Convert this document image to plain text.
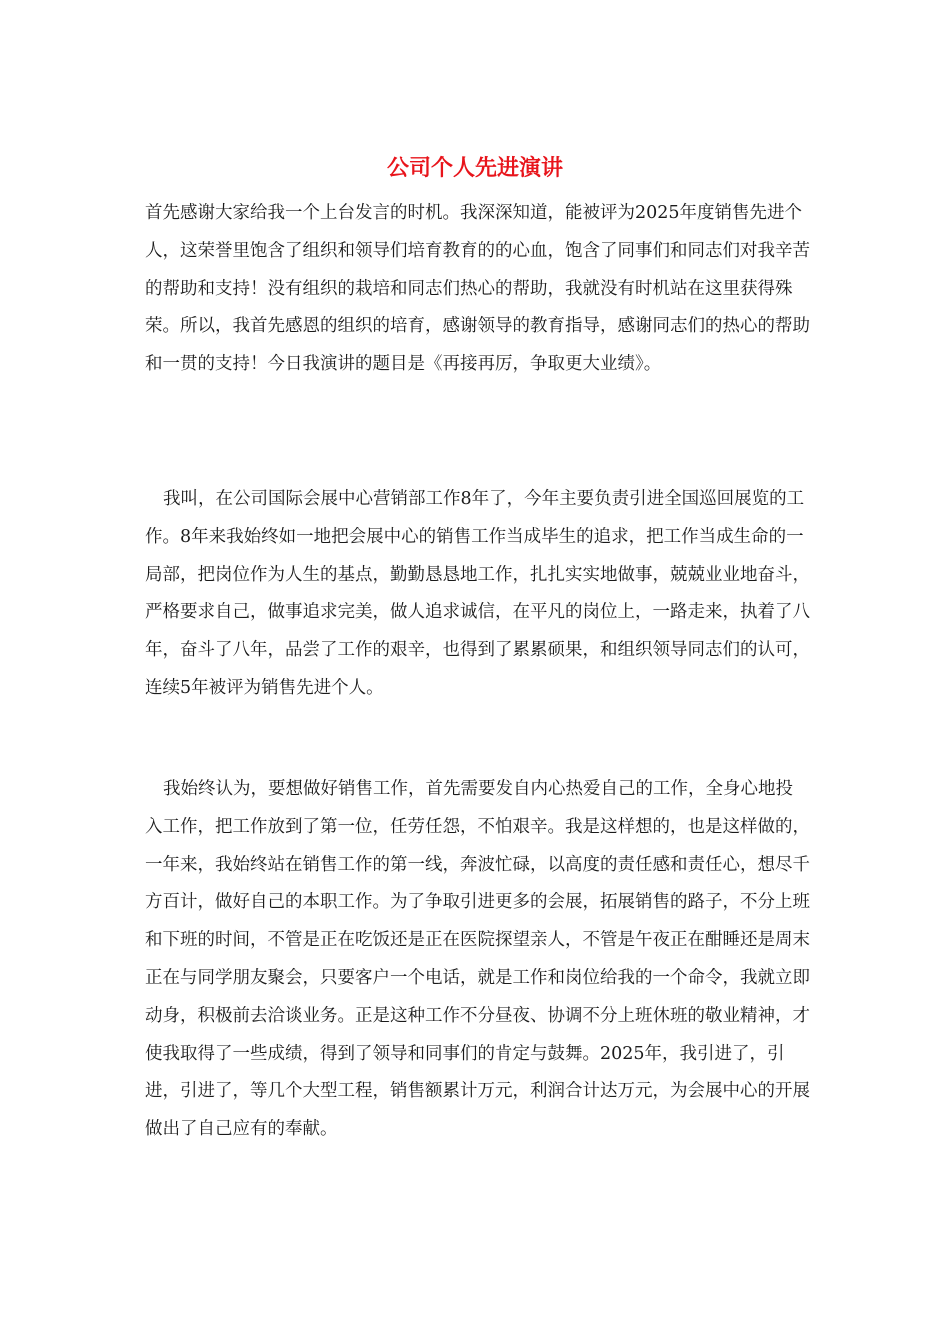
公司个人先进演讲

首先感谢大家给我一个上台发言的时机。我深深知道，能被评为2025年度销售先进个人，这荣誉里饱含了组织和领导们培育教育的的心血，饱含了同事们和同志们对我辛苦的帮助和支持！没有组织的栽培和同志们热心的帮助，我就没有时机站在这里获得殊荣。所以，我首先感恩的组织的培育，感谢领导的教育指导，感谢同志们的热心的帮助和一贯的支持！今日我演讲的题目是《再接再厉，争取更大业绩》。

我叫，在公司国际会展中心营销部工作8年了，今年主要负责引进全国巡回展览的工作。8年来我始终如一地把会展中心的销售工作当成毕生的追求，把工作当成生命的一局部，把岗位作为人生的基点，勤勤恳恳地工作，扎扎实实地做事，兢兢业业地奋斗，严格要求自己，做事追求完美，做人追求诚信，在平凡的岗位上，一路走来，执着了八年，奋斗了八年，品尝了工作的艰辛，也得到了累累硕果，和组织领导同志们的认可，连续5年被评为销售先进个人。

我始终认为，要想做好销售工作，首先需要发自内心热爱自己的工作，全身心地投入工作，把工作放到了第一位，任劳任怨，不怕艰辛。我是这样想的，也是这样做的，一年来，我始终站在销售工作的第一线，奔波忙碌，以高度的责任感和责任心，想尽千方百计，做好自己的本职工作。为了争取引进更多的会展，拓展销售的路子，不分上班和下班的时间，不管是正在吃饭还是正在医院探望亲人，不管是午夜正在酣睡还是周末正在与同学朋友聚会，只要客户一个电话，就是工作和岗位给我的一个命令，我就立即动身，积极前去洽谈业务。正是这种工作不分昼夜、协调不分上班休班的敬业精神，才使我取得了一些成绩，得到了领导和同事们的肯定与鼓舞。2025年，我引进了，引进，引进了，等几个大型工程，销售额累计万元，利润合计达万元，为会展中心的开展做出了自己应有的奉献。
